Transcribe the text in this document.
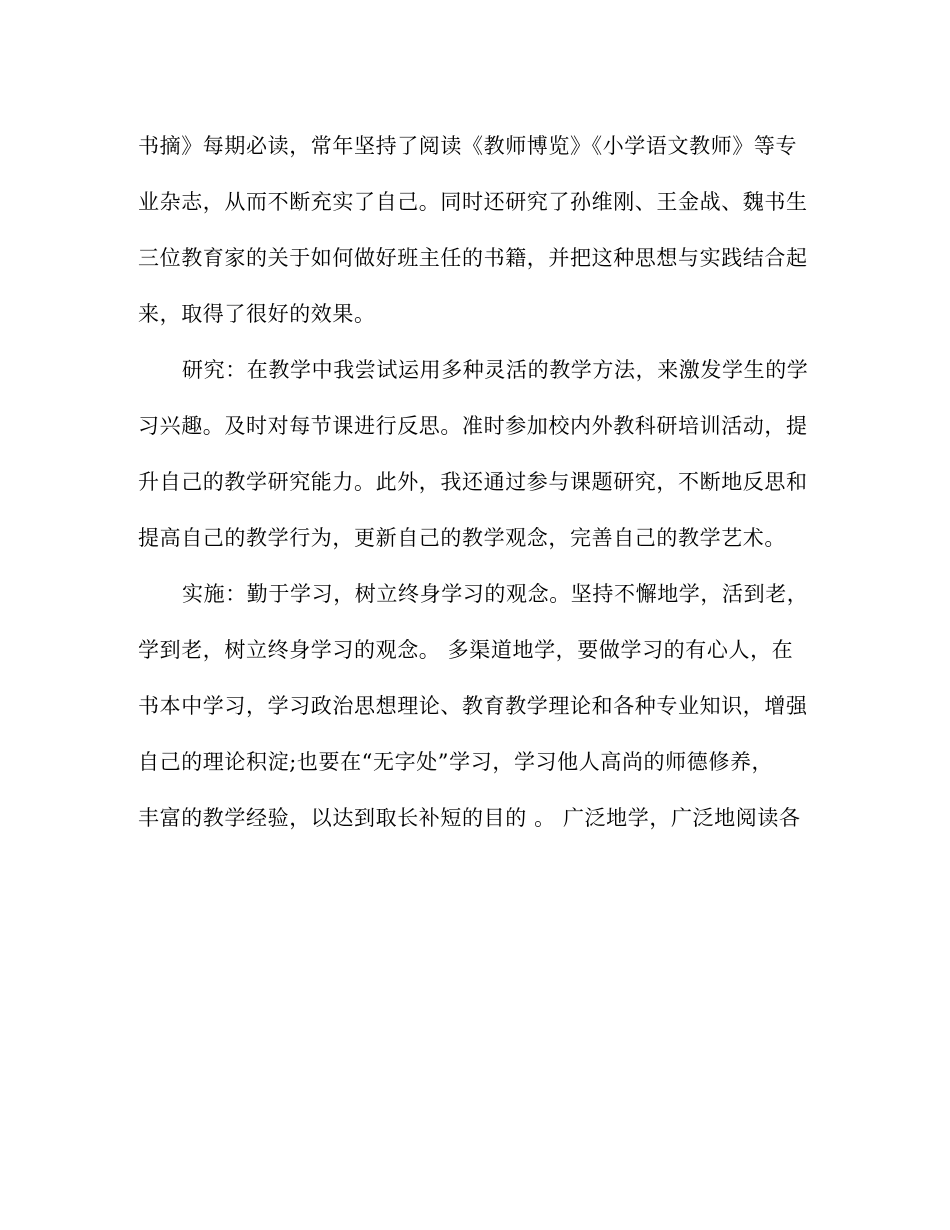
书摘》每期必读，常年坚持了阅读《教师博览》《小学语文教师》等专
业杂志，从而不断充实了自己。同时还研究了孙维刚、王金战、魏书生
三位教育家的关于如何做好班主任的书籍，并把这种思想与实践结合起
来，取得了很好的效果。
研究：在教学中我尝试运用多种灵活的教学方法，来激发学生的学
习兴趣。及时对每节课进行反思。准时参加校内外教科研培训活动，提
升自己的教学研究能力。此外，我还通过参与课题研究，不断地反思和
提高自己的教学行为，更新自己的教学观念，完善自己的教学艺术。
实施：勤于学习，树立终身学习的观念。坚持不懈地学，活到老，
学到老，树立终身学习的观念。 多渠道地学，要做学习的有心人，在
书本中学习，学习政治思想理论、教育教学理论和各种专业知识，增强
自己的理论积淀;也要在“无字处”学习，学习他人高尚的师德修养，
丰富的教学经验，以达到取长补短的目的 。 广泛地学，广泛地阅读各
